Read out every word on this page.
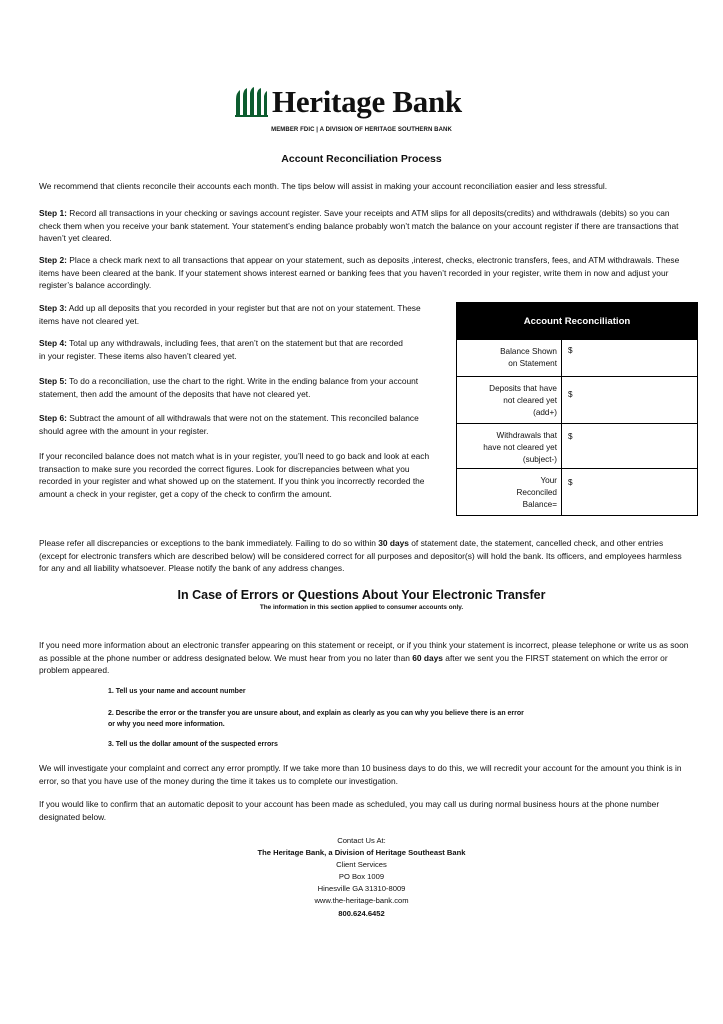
Heritage Bank
MEMBER FDIC | A DIVISION OF HERITAGE SOUTHERN BANK
Account Reconciliation Process

We recommend that clients reconcile their accounts each month. The tips below will assist in making your account reconciliation easier and less stressful.

Step 1: Record all transactions in your checking or savings account register. Save your receipts and ATM slips for all deposits(credits) and withdrawals (debits) so you can check them when you receive your bank statement. Your statement’s ending balance probably won’t match the balance on your account register if there are transactions that haven’t yet cleared.

Step 2: Place a check mark next to all transactions that appear on your statement, such as deposits ,interest, checks, electronic transfers, fees, and ATM withdrawals. These items have been cleared at the bank. If your statement shows interest earned or banking fees that you haven’t recorded in your register, write them in now and adjust your register’s balance accordingly.

Step 3: Add up all deposits that you recorded in your register but that are not on your statement. These items have not cleared yet.

Step 4: Total up any withdrawals, including fees, that aren’t on the statement but that are recorded in your register. These items also haven’t cleared yet.

Step 5: To do a reconciliation, use the chart to the right. Write in the ending balance from your account statement, then add the amount of the deposits that have not cleared yet.

Step 6: Subtract the amount of all withdrawals that were not on the statement. This reconciled balance should agree with the amount in your register.

If your reconciled balance does not match what is in your register, you’ll need to go back and look at each transaction to make sure you recorded the correct figures. Look for discrepancies between what you recorded in your register and what showed up on the statement. If you think you incorrectly recorded the amount a check in your register, get a copy of the check to confirm the amount.

Account Reconciliation
Balance Shown
on Statement
$
Deposits that have
not cleared yet
(add+)
$
Withdrawals that
have not cleared yet
(subject-)
$
Your
Reconciled
Balance=
$

Please refer all discrepancies or exceptions to the bank immediately. Failing to do so within 30 days of statement date, the statement, cancelled check, and other entries (except for electronic transfers which are described below) will be considered correct for all purposes and depositor(s) will hold the bank. Its officers, and employees harmless for any and all liability whatsoever. Please notify the bank of any address changes.

In Case of Errors or Questions About Your Electronic Transfer
The information in this section applied to consumer accounts only.

If you need more information about an electronic transfer appearing on this statement or receipt, or if you think your statement is incorrect, please telephone or write us as soon as possible at the phone number or address designated below. We must hear from you no later than 60 days after we sent you the FIRST statement on which the error or problem appeared.

1. Tell us your name and account number
2. Describe the error or the transfer you are unsure about, and explain as clearly as you can why you believe there is an error
or why you need more information.
3. Tell us the dollar amount of the suspected errors

We will investigate your complaint and correct any error promptly. If we take more than 10 business days to do this, we will recredit your account for the amount you think is in error, so that you have use of the money during the time it takes us to complete our investigation.

If you would like to confirm that an automatic deposit to your account has been made as scheduled, you may call us during normal business hours at the phone number designated below.

Contact Us At:
The Heritage Bank, a Division of Heritage Southeast Bank
Client Services
PO Box 1009
Hinesville GA 31310-8009
www.the-heritage-bank.com
800.624.6452
